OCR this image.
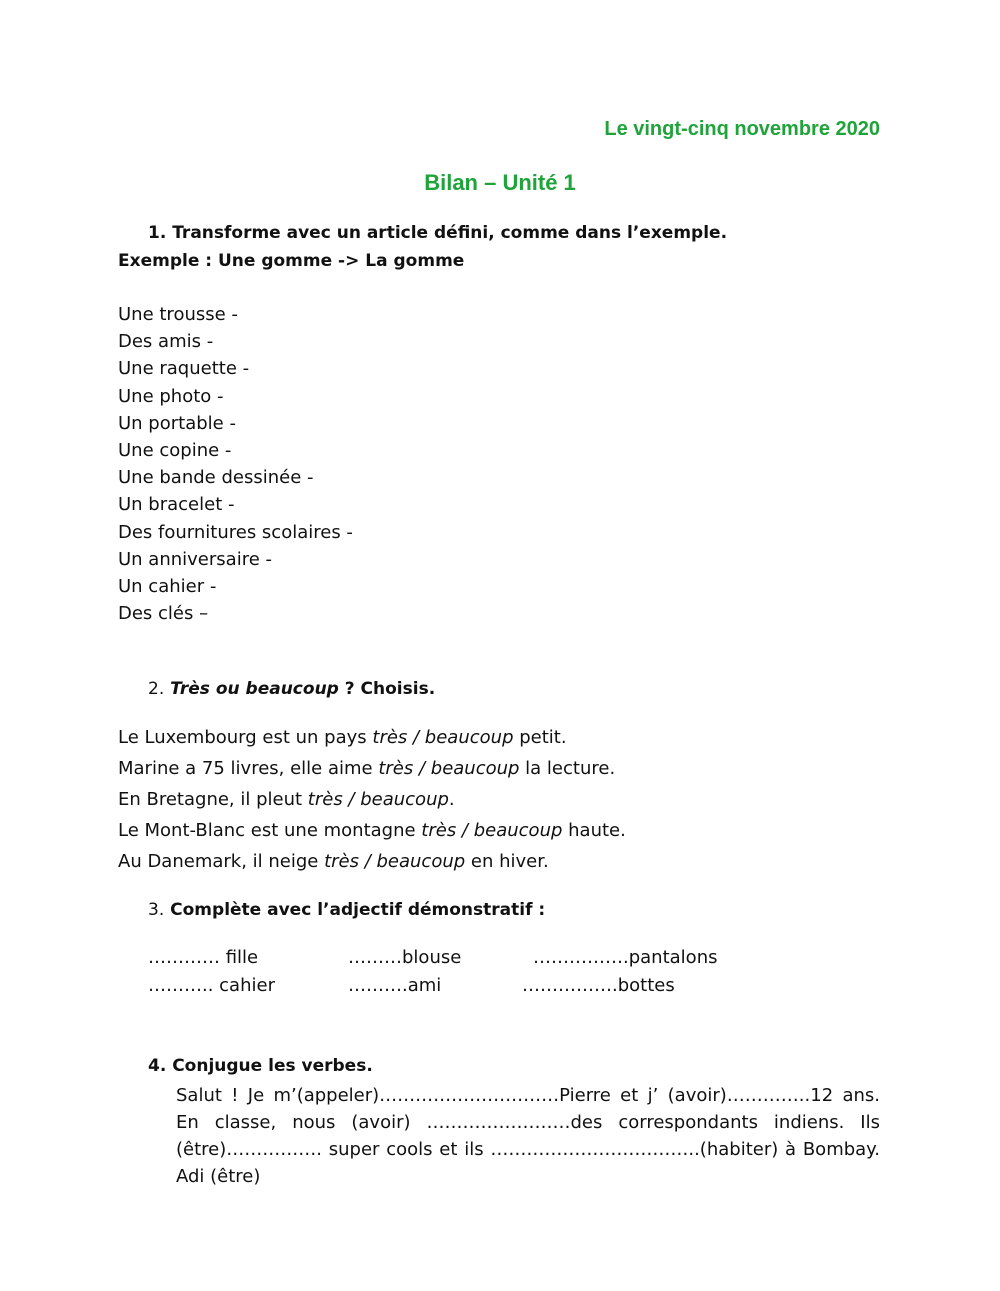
Le vingt-cinq novembre 2020
Bilan – Unité 1
1. Transforme avec un article défini, comme dans l’exemple.
Exemple : Une gomme -> La gomme
Une trousse -
Des amis -
Une raquette -
Une photo -
Un portable -
Une copine -
Une bande dessinée -
Un bracelet -
Des fournitures scolaires -
Un anniversaire -
Un cahier -
Des clés –
2. Très ou beaucoup ? Choisis.
Le Luxembourg est un pays très / beaucoup petit.
Marine a 75 livres, elle aime très / beaucoup la lecture.
En Bretagne, il pleut très / beaucoup.
Le Mont-Blanc est une montagne très / beaucoup haute.
Au Danemark, il neige très / beaucoup en hiver.
3. Complète avec l’adjectif démonstratif :
………… fille	………blouse	…………….pantalons
……….. cahier	……….ami	…………….bottes
4. Conjugue les verbes.
Salut ! Je m’(appeler)…………………………Pierre et j’ (avoir)…………..12 ans. En classe, nous (avoir) ……………………des correspondants indiens. Ils (être)……………. super cools et ils ……………………………..(habiter) à Bombay. Adi (être)
